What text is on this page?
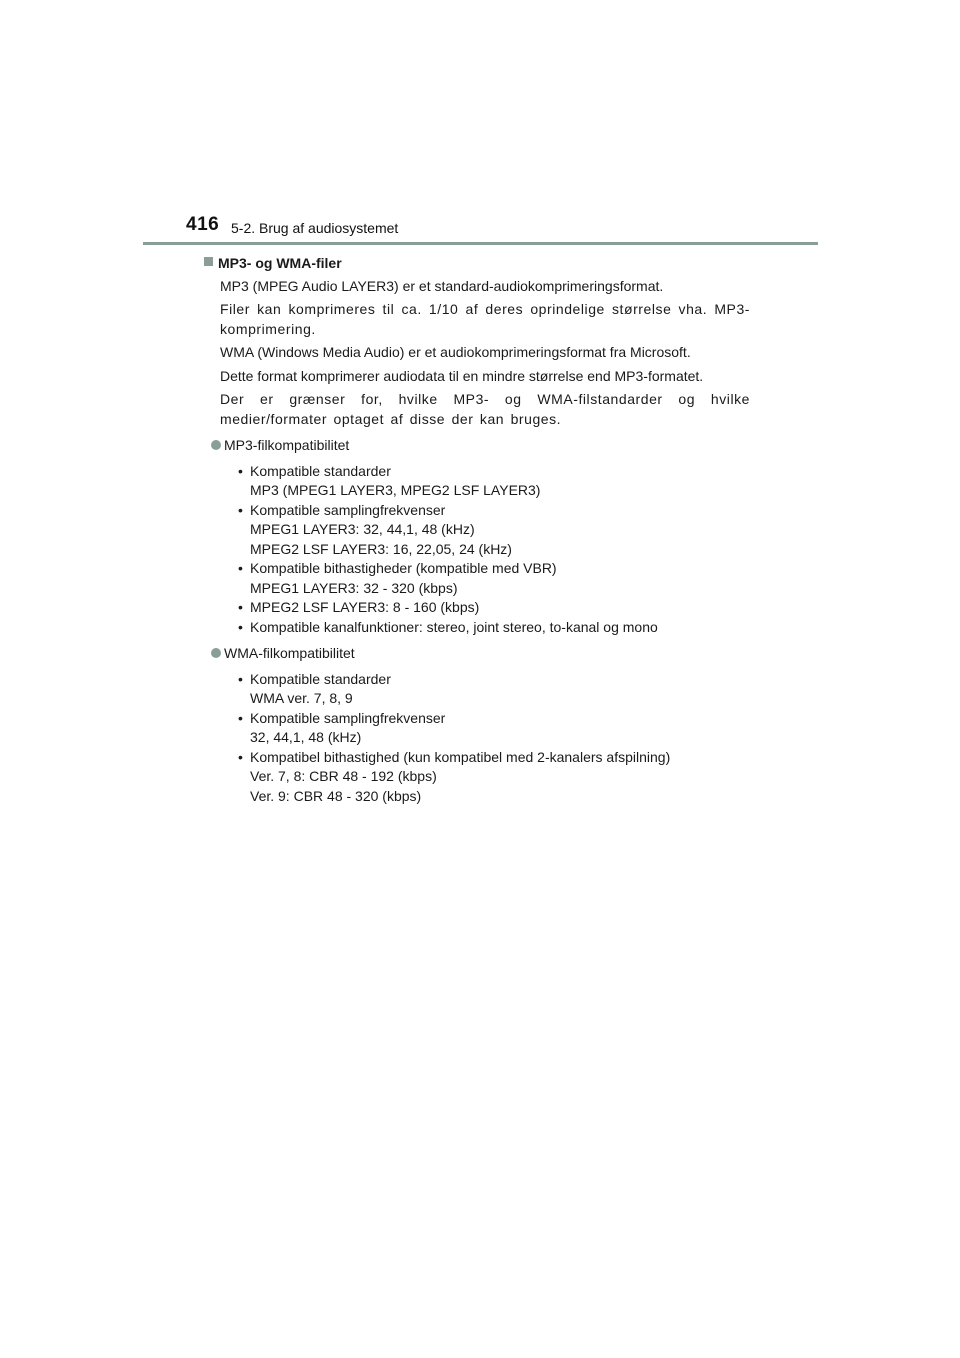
416 5-2. Brug af audiosystemet
MP3- og WMA-filer
MP3 (MPEG Audio LAYER3) er et standard-audiokomprimeringsformat.
Filer kan komprimeres til ca. 1/10 af deres oprindelige størrelse vha. MP3-komprimering.
WMA (Windows Media Audio) er et audiokomprimeringsformat fra Microsoft.
Dette format komprimerer audiodata til en mindre størrelse end MP3-formatet.
Der er grænser for, hvilke MP3- og WMA-filstandarder og hvilke medier/formater optaget af disse der kan bruges.
MP3-filkompatibilitet
• Kompatible standarder
MP3 (MPEG1 LAYER3, MPEG2 LSF LAYER3)
• Kompatible samplingfrekvenser
MPEG1 LAYER3: 32, 44,1, 48 (kHz)
MPEG2 LSF LAYER3: 16, 22,05, 24 (kHz)
• Kompatible bithastigheder (kompatible med VBR)
MPEG1 LAYER3: 32 - 320 (kbps)
• MPEG2 LSF LAYER3: 8 - 160 (kbps)
• Kompatible kanalfunktioner: stereo, joint stereo, to-kanal og mono
WMA-filkompatibilitet
• Kompatible standarder
WMA ver. 7, 8, 9
• Kompatible samplingfrekvenser
32, 44,1, 48 (kHz)
• Kompatibel bithastighed (kun kompatibel med 2-kanalers afspilning)
Ver. 7, 8: CBR 48 - 192 (kbps)
Ver. 9: CBR 48 - 320 (kbps)
